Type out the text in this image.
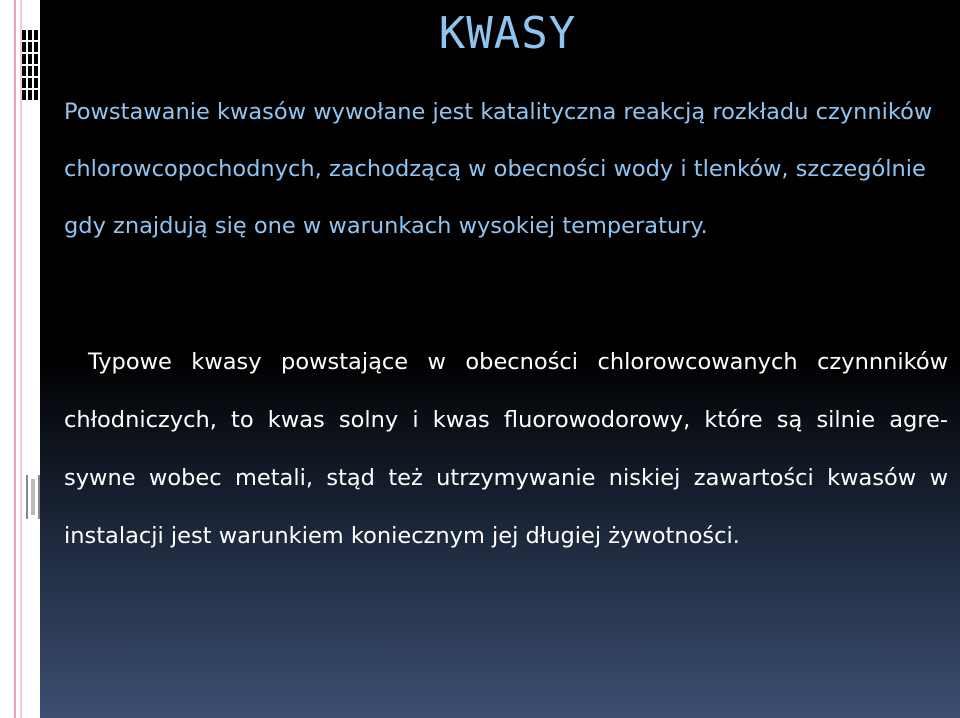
KWASY

Powstawanie kwasów wywołane jest katalityczna reakcją rozkładu czynników chlorowcopochodnych, zachodzącą w obecności wody i tlenków, szczególnie gdy znajdują się one w warunkach wysokiej temperatury.

Typowe kwasy powstające w obecności chlorowcowanych czynnników chłodniczych, to kwas solny i kwas fluorowodorowy, które są silnie agre-sywne wobec metali, stąd też utrzymywanie niskiej zawartości kwasów w instalacji jest warunkiem koniecznym jej długiej żywotności.
